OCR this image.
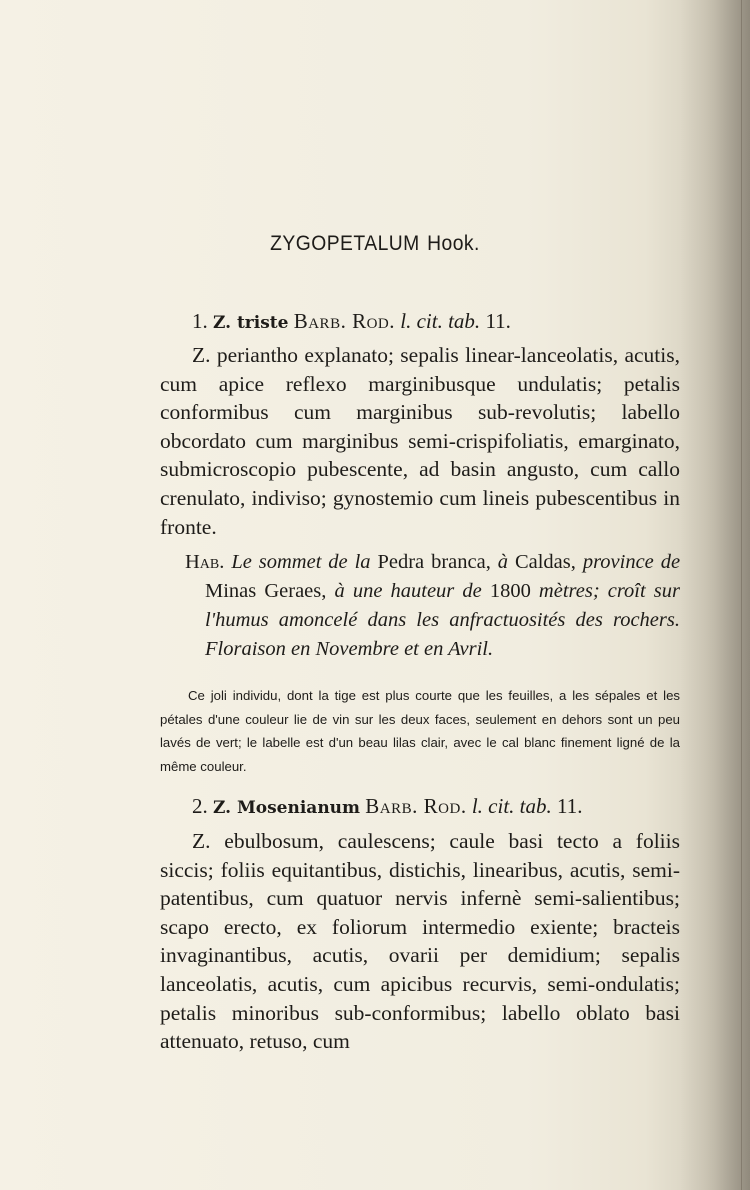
ZYGOPETALUM Hook.
1. Z. triste Barb. Rod. l. cit. tab. 11.

Z. periantho explanato; sepalis linear-lanceolatis, acutis, cum apice reflexo marginibusque undulatis; petalis conformibus cum marginibus sub-revolutis; labello obcordato cum marginibus semi-crispifoliatis, emarginato, submicroscopio pubescente, ad basin angusto, cum callo crenulato, indiviso; gynostemio cum lineis pubescentibus in fronte.

Hab. Le sommet de la Pedra branca, à Caldas, province de Minas Geraes, à une hauteur de 1800 mètres; croît sur l'humus amoncelé dans les anfractuosités des rochers. Floraison en Novembre et en Avril.

Ce joli individu, dont la tige est plus courte que les feuilles, a les sépales et les pétales d'une couleur lie de vin sur les deux faces, seulement en dehors sont un peu lavés de vert; le labelle est d'un beau lilas clair, avec le cal blanc finement ligné de la même couleur.

2. Z. Mosenianum Barb. Rod. l. cit. tab. 11.

Z. ebulbosum, caulescens; caule basi tecto a foliis siccis; foliis equitantibus, distichis, linearibus, acutis, semi-patentibus, cum quatuor nervis infernè semi-salientibus; scapo erecto, ex foliorum intermedio exiente; bracteis invaginantibus, acutis, ovarii per demidium; sepalis lanceolatis, acutis, cum apicibus recurvis, semi-ondulatis; petalis minoribus sub-conformibus; labello oblato basi attenuato, retuso, cum
